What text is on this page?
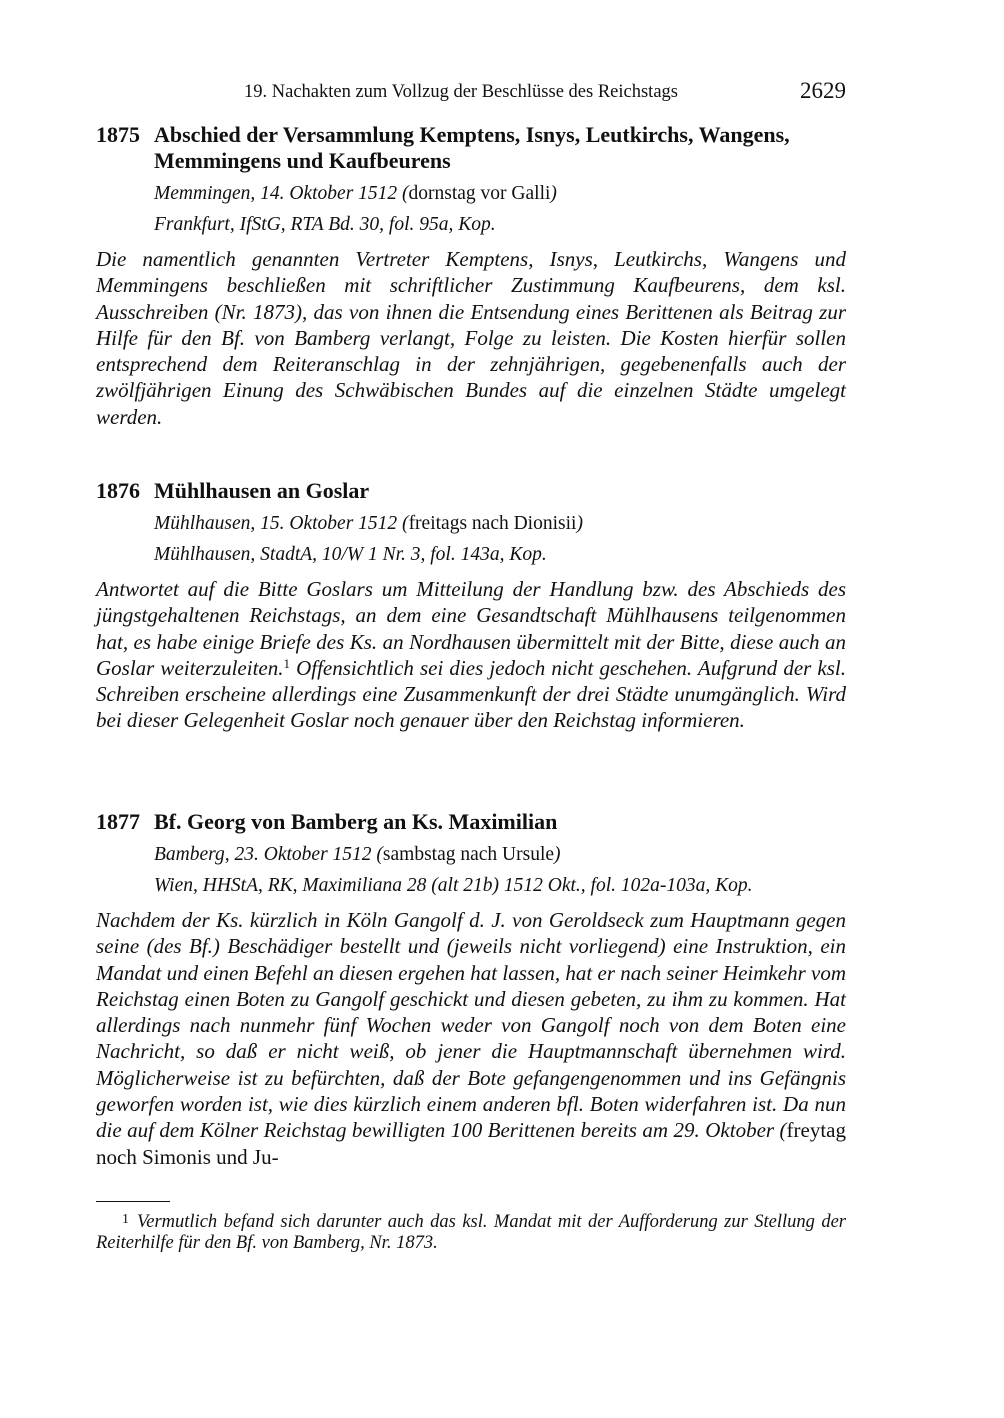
19. Nachakten zum Vollzug der Beschlüsse des Reichstags	2629
1875 Abschied der Versammlung Kemptens, Isnys, Leutkirchs, Wangens, Memmingens und Kaufbeurens
Memmingen, 14. Oktober 1512 (dornstag vor Galli)
Frankfurt, IfStG, RTA Bd. 30, fol. 95a, Kop.

Die namentlich genannten Vertreter Kemptens, Isnys, Leutkirchs, Wangens und Memmingens beschließen mit schriftlicher Zustimmung Kaufbeurens, dem ksl. Ausschreiben (Nr. 1873), das von ihnen die Entsendung eines Berittenen als Beitrag zur Hilfe für den Bf. von Bamberg verlangt, Folge zu leisten. Die Kosten hierfür sollen entsprechend dem Reiteranschlag in der zehnjährigen, gegebenenfalls auch der zwölfjährigen Einung des Schwäbischen Bundes auf die einzelnen Städte umgelegt werden.

1876 Mühlhausen an Goslar
Mühlhausen, 15. Oktober 1512 (freitags nach Dionisii)
Mühlhausen, StadtA, 10/W 1 Nr. 3, fol. 143a, Kop.

Antwortet auf die Bitte Goslars um Mitteilung der Handlung bzw. des Abschieds des jüngstgehaltenen Reichstags, an dem eine Gesandtschaft Mühlhausens teilgenommen hat, es habe einige Briefe des Ks. an Nordhausen übermittelt mit der Bitte, diese auch an Goslar weiterzuleiten.$^1$ Offensichtlich sei dies jedoch nicht geschehen. Aufgrund der ksl. Schreiben erscheine allerdings eine Zusammenkunft der drei Städte unumgänglich. Wird bei dieser Gelegenheit Goslar noch genauer über den Reichstag informieren.

1877 Bf. Georg von Bamberg an Ks. Maximilian
Bamberg, 23. Oktober 1512 (sambstag nach Ursule)
Wien, HHStA, RK, Maximiliana 28 (alt 21b) 1512 Okt., fol. 102a-103a, Kop.

Nachdem der Ks. kürzlich in Köln Gangolf d. J. von Geroldseck zum Hauptmann gegen seine (des Bf.) Beschädiger bestellt und (jeweils nicht vorliegend) eine Instruktion, ein Mandat und einen Befehl an diesen ergehen hat lassen, hat er nach seiner Heimkehr vom Reichstag einen Boten zu Gangolf geschickt und diesen gebeten, zu ihm zu kommen. Hat allerdings nach nunmehr fünf Wochen weder von Gangolf noch von dem Boten eine Nachricht, so daß er nicht weiß, ob jener die Hauptmannschaft übernehmen wird. Möglicherweise ist zu befürchten, daß der Bote gefangengenommen und ins Gefängnis geworfen worden ist, wie dies kürzlich einem anderen bfl. Boten widerfahren ist. Da nun die auf dem Kölner Reichstag bewilligten 100 Berittenen bereits am 29. Oktober (freytag noch Simonis und Ju-

$^1$ Vermutlich befand sich darunter auch das ksl. Mandat mit der Aufforderung zur Stellung der Reiterhilfe für den Bf. von Bamberg, Nr. 1873.
